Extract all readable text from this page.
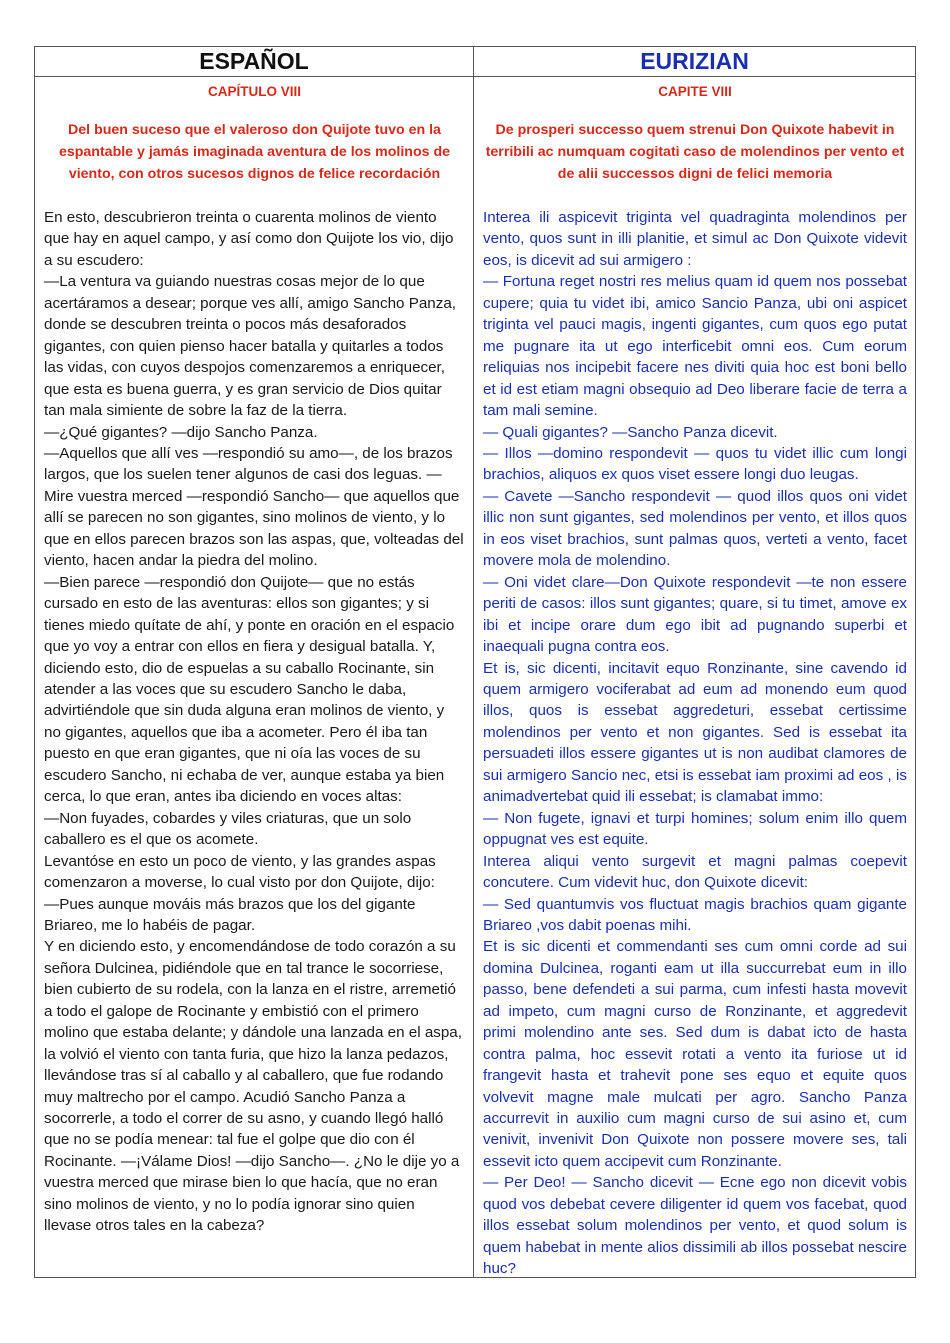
ESPAÑOL	EURIZIAN
CAPÍTULO VIII
Del buen suceso que el valeroso don Quijote tuvo en la espantable y jamás imaginada aventura de los molinos de viento, con otros sucesos dignos de felice recordación

En esto, descubrieron treinta o cuarenta molinos de viento que hay en aquel campo, y así como don Quijote los vio, dijo a su escudero:

—La ventura va guiando nuestras cosas mejor de lo que acertáramos a desear; porque ves allí, amigo Sancho Panza, donde se descubren treinta o pocos más desaforados gigantes, con quien pienso hacer batalla y quitarles a todos las vidas, con cuyos despojos comenzaremos a enriquecer, que esta es buena guerra, y es gran servicio de Dios quitar tan mala simiente de sobre la faz de la tierra.

—¿Qué gigantes? —dijo Sancho Panza.

—Aquellos que allí ves —respondió su amo—, de los brazos largos, que los suelen tener algunos de casi dos leguas. —Mire vuestra merced —respondió Sancho— que aquellos que allí se parecen no son gigantes, sino molinos de viento, y lo que en ellos parecen brazos son las aspas, que, volteadas del viento, hacen andar la piedra del molino.

—Bien parece —respondió don Quijote— que no estás cursado en esto de las aventuras: ellos son gigantes; y si tienes miedo quítate de ahí, y ponte en oración en el espacio que yo voy a entrar con ellos en fiera y desigual batalla. Y, diciendo esto, dio de espuelas a su caballo Rocinante, sin atender a las voces que su escudero Sancho le daba, advirtiéndole que sin duda alguna eran molinos de viento, y no gigantes, aquellos que iba a acometer. Pero él iba tan puesto en que eran gigantes, que ni oía las voces de su escudero Sancho, ni echaba de ver, aunque estaba ya bien cerca, lo que eran, antes iba diciendo en voces altas:

—Non fuyades, cobardes y viles criaturas, que un solo caballero es el que os acomete.

Levantóse en esto un poco de viento, y las grandes aspas comenzaron a moverse, lo cual visto por don Quijote, dijo:

—Pues aunque mováis más brazos que los del gigante Briareo, me lo habéis de pagar.

Y en diciendo esto, y encomendándose de todo corazón a su señora Dulcinea, pidiéndole que en tal trance le socorriese, bien cubierto de su rodela, con la lanza en el ristre, arremetió a todo el galope de Rocinante y embistió con el primero molino que estaba delante; y dándole una lanzada en el aspa, la volvió el viento con tanta furia, que hizo la lanza pedazos, llevándose tras sí al caballo y al caballero, que fue rodando muy maltrecho por el campo. Acudió Sancho Panza a socorrerle, a todo el correr de su asno, y cuando llegó halló que no se podía menear: tal fue el golpe que dio con él Rocinante. —¡Válame Dios! —dijo Sancho—. ¿No le dije yo a vuestra merced que mirase bien lo que hacía, que no eran sino molinos de viento, y no lo podía ignorar sino quien llevase otros tales en la cabeza?

CAPITE VIII
De prosperi successo quem strenui Don Quixote habevit in terribili ac numquam cogitati caso de molendinos per vento et de alii successos digni de felici memoria

Interea ili aspicevit triginta vel quadraginta molendinos per vento, quos sunt in illi planitie, et simul ac Don Quixote videvit eos, is dicevit ad sui armigero :

— Fortuna reget nostri res melius quam id quem nos possebat cupere; quia tu videt ibi, amico Sancio Panza, ubi oni aspicet triginta vel pauci magis, ingenti gigantes, cum quos ego putat me pugnare ita ut ego interficebit omni eos. Cum eorum reliquias nos incipebit facere nes diviti quia hoc est boni bello et id est etiam magni obsequio ad Deo liberare facie de terra a tam mali semine.

— Quali gigantes? —Sancho Panza dicevit.

— Illos —domino respondevit — quos tu videt illic cum longi brachios, aliquos ex quos viset essere longi duo leugas.

— Cavete —Sancho respondevit — quod illos quos oni videt illic non sunt gigantes, sed molendinos per vento, et illos quos in eos viset brachios, sunt palmas quos, verteti a vento, facet movere mola de molendino.

— Oni videt clare—Don Quixote respondevit —te non essere periti de casos: illos sunt gigantes; quare, si tu timet, amove ex ibi et incipe orare dum ego ibit ad pugnando superbi et inaequali pugna contra eos.

Et is, sic dicenti, incitavit equo Ronzinante, sine cavendo id quem armigero vociferabat ad eum ad monendo eum quod illos, quos is essebat aggredeturi, essebat certissime molendinos per vento et non gigantes. Sed is essebat ita persuadeti illos essere gigantes ut is non audibat clamores de sui armigero Sancio nec, etsi is essebat iam proximi ad eos , is animadvertebat quid ili essebat; is clamabat immo:

— Non fugete, ignavi et turpi homines; solum enim illo quem oppugnat ves est equite.

Interea aliqui vento surgevit et magni palmas coepevit concutere. Cum videvit huc, don Quixote dicevit:

— Sed quantumvis vos fluctuat magis brachios quam gigante Briareo ,vos dabit poenas mihi.

Et is sic dicenti et commendanti ses cum omni corde ad sui domina Dulcinea, roganti eam ut illa succurrebat eum in illo passo, bene defendeti a sui parma, cum infesti hasta movevit ad impeto, cum magni curso de Ronzinante, et aggredevit primi molendino ante ses. Sed dum is dabat icto de hasta contra palma, hoc essevit rotati a vento ita furiose ut id frangevit hasta et trahevit pone ses equo et equite quos volvevit magne male mulcati per agro. Sancho Panza accurrevit in auxilio cum magni curso de sui asino et, cum venivit, invenivit Don Quixote non possere movere ses, tali essevit icto quem accipevit cum Ronzinante.

— Per Deo! — Sancho dicevit — Ecne ego non dicevit vobis quod vos debebat cevere diligenter id quem vos facebat, quod illos essebat solum molendinos per vento, et quod solum is quem habebat in mente alios dissimili ab illos possebat nescire huc?
